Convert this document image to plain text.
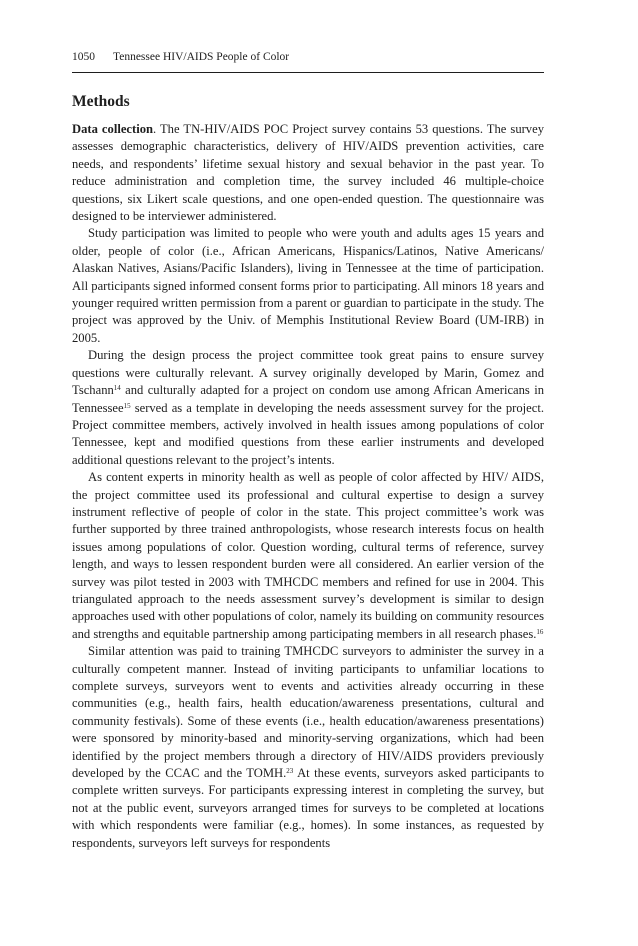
1050 Tennessee HIV/AIDS People of Color
Methods

Data collection. The TN-HIV/AIDS POC Project survey contains 53 questions. The survey assesses demographic characteristics, delivery of HIV/AIDS prevention activities, care needs, and respondents’ lifetime sexual history and sexual behavior in the past year. To reduce administration and completion time, the survey included 46 multiple-choice questions, six Likert scale questions, and one open-ended question. The questionnaire was designed to be interviewer administered.

Study participation was limited to people who were youth and adults ages 15 years and older, people of color (i.e., African Americans, Hispanics/Latinos, Native Americans/ Alaskan Natives, Asians/Pacific Islanders), living in Tennessee at the time of participation. All participants signed informed consent forms prior to participating. All minors 18 years and younger required written permission from a parent or guardian to participate in the study. The project was approved by the Univ. of Memphis Institutional Review Board (UM-IRB) in 2005.

During the design process the project committee took great pains to ensure survey questions were culturally relevant. A survey originally developed by Marin, Gomez and Tschann$^{14}$ and culturally adapted for a project on condom use among African Americans in Tennessee$^{15}$ served as a template in developing the needs assessment survey for the project. Project committee members, actively involved in health issues among populations of color Tennessee, kept and modified questions from these earlier instruments and developed additional questions relevant to the project’s intents.

As content experts in minority health as well as people of color affected by HIV/ AIDS, the project committee used its professional and cultural expertise to design a survey instrument reflective of people of color in the state. This project committee’s work was further supported by three trained anthropologists, whose research interests focus on health issues among populations of color. Question wording, cultural terms of reference, survey length, and ways to lessen respondent burden were all considered. An earlier version of the survey was pilot tested in 2003 with TMHCDC members and refined for use in 2004. This triangulated approach to the needs assessment survey’s development is similar to design approaches used with other populations of color, namely its building on community resources and strengths and equitable partnership among participating members in all research phases.$^{16}$

Similar attention was paid to training TMHCDC surveyors to administer the survey in a culturally competent manner. Instead of inviting participants to unfamiliar locations to complete surveys, surveyors went to events and activities already occurring in these communities (e.g., health fairs, health education/awareness presentations, cultural and community festivals). Some of these events (i.e., health education/awareness presentations) were sponsored by minority-based and minority-serving organizations, which had been identified by the project members through a directory of HIV/AIDS providers previously developed by the CCAC and the TOMH.$^{23}$ At these events, surveyors asked participants to complete written surveys. For participants expressing interest in completing the survey, but not at the public event, surveyors arranged times for surveys to be completed at locations with which respondents were familiar (e.g., homes). In some instances, as requested by respondents, surveyors left surveys for respondents
